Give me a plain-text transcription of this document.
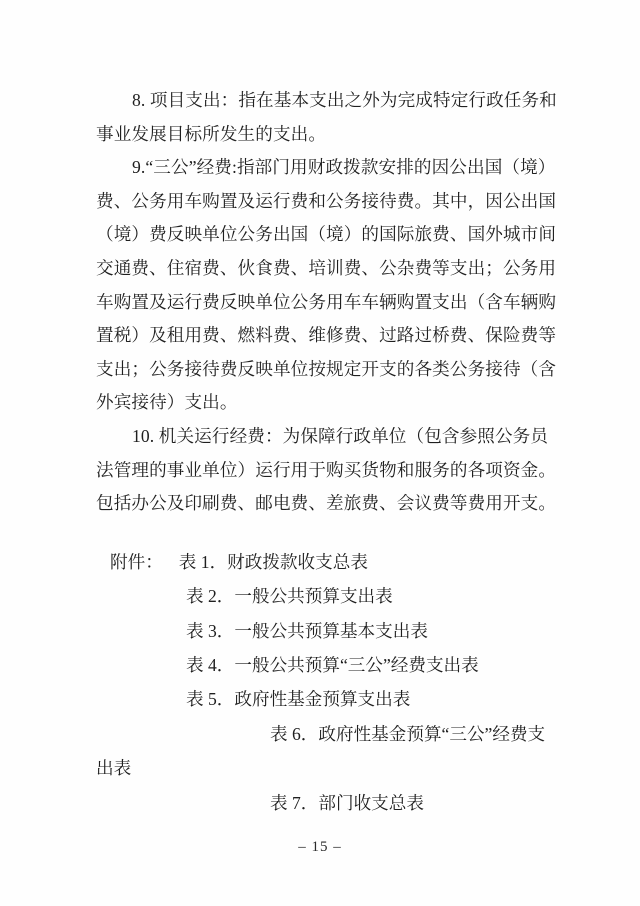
8. 项目支出：指在基本支出之外为完成特定行政任务和
事业发展目标所发生的支出。
9.“三公”经费:指部门用财政拨款安排的因公出国（境）
费、公务用车购置及运行费和公务接待费。其中，因公出国
（境）费反映单位公务出国（境）的国际旅费、国外城市间
交通费、住宿费、伙食费、培训费、公杂费等支出；公务用
车购置及运行费反映单位公务用车车辆购置支出（含车辆购
置税）及租用费、燃料费、维修费、过路过桥费、保险费等
支出；公务接待费反映单位按规定开支的各类公务接待（含
外宾接待）支出。
10. 机关运行经费：为保障行政单位（包含参照公务员
法管理的事业单位）运行用于购买货物和服务的各项资金。
包括办公及印刷费、邮电费、差旅费、会议费等费用开支。
附件： 表 1．财政拨款收支总表
表 2．一般公共预算支出表
表 3．一般公共预算基本支出表
表 4．一般公共预算“三公”经费支出表
表 5．政府性基金预算支出表
表 6．政府性基金预算“三公”经费支
出表
表 7．部门收支总表
– 15 –
